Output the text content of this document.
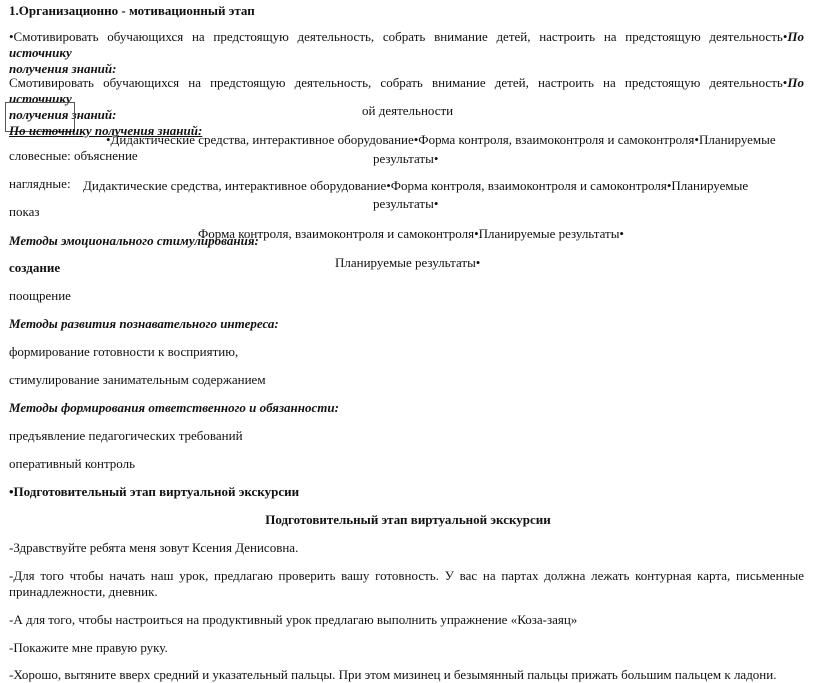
1.Организационно - мотивационный этап
•Смотивировать обучающихся на предстоящую деятельность, собрать внимание детей, настроить на предстоящую деятельность•По источнику
получения знаний:
Смотивировать обучающихся на предстоящую деятельность, собрать внимание детей, настроить на предстоящую деятельность•По источнику
получения знаний:	ой деятельности
По источнику получения знаний:
•Дидактические средства, интерактивное оборудование•Форма контроля, взаимоконтроля и самоконтроля•Планируемые
результаты•
словесные: объяснение
наглядные: Дидактические средства, интерактивное оборудование•Форма контроля, взаимоконтроля и самоконтроля•Планируемые
результаты•
показ
Форма контроля, взаимоконтроля и самоконтроля•Планируемые результаты•
Методы эмоционального стимулирования:
Планируемые результаты•
создание
поощрение
Методы развития познавательного интереса:
формирование готовности к восприятию,
стимулирование занимательным содержанием
Методы формирования ответственного и обязанности:
предъявление педагогических требований
оперативный контроль
•Подготовительный этап виртуальной экскурсии
Подготовительный этап виртуальной экскурсии
-Здравствуйте ребята меня зовут Ксения Денисовна.
-Для того чтобы начать наш урок, предлагаю проверить вашу готовность. У вас на партах должна лежать контурная карта, письменные
принадлежности, дневник.
-А для того, чтобы настроиться на продуктивный урок предлагаю выполнить упражнение «Коза-заяц»
-Покажите мне правую руку.
-Хорошо, вытяните вверх средний и указательный пальцы. При этом мизинец и безымянный пальцы прижать большим пальцем к ладони.
